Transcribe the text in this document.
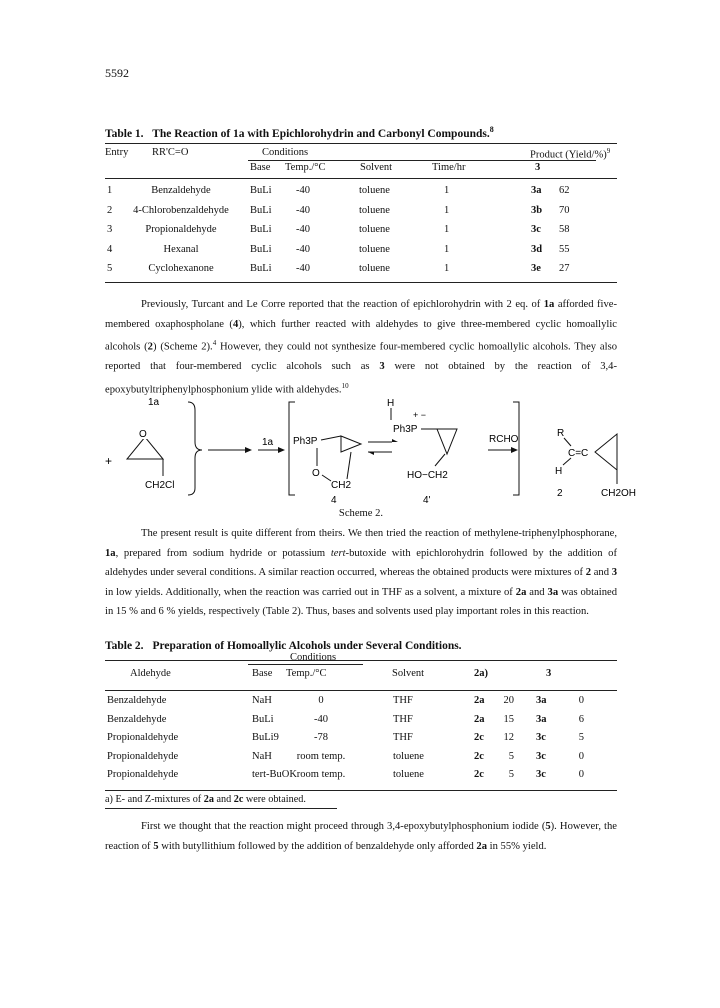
5592
Table 1. The Reaction of 1a with Epichlorohydrin and Carbonyl Compounds.$^8$
Entry RR'C=O	Conditions	Product (Yield/%)$^9$
Base Temp./°C	Solvent	Time/hr	3
1	Benzaldehyde	BuLi -40	toluene	1	3a 62
2	4-Chlorobenzaldehyde	BuLi -40	toluene	1	3b 70
3	Propionaldehyde	BuLi -40	toluene	1	3c 58
4	Hexanal	BuLi -40	toluene	1	3d 55
5	Cyclohexanone	BuLi -40	toluene	1	3e 27

Previously, Turcant and Le Corre reported that the reaction of epichlorohydrin with 2 eq. of 1a afforded five-membered oxaphospholane (4), which further reacted with aldehydes to give three-membered cyclic homoallylic alcohols (2) (Scheme 2).$^4$ However, they could not synthesize four-membered cyclic homoallylic alcohols. They also reported that four-membered cyclic alcohols such as 3 were not obtained by the reaction of 3,4-epoxybutyltriphenylphosphonium ylide with aldehydes.$^{10}$

1a
+
O
CH2Cl
1a Ph3P
O
CH2
4
H
+ −
Ph3P
HO−CH2
4'
RCHO
R
C=C
H
CH2OH
2
Scheme 2.

The present result is quite different from theirs. We then tried the reaction of methylene-triphenylphosphorane, 1a, prepared from sodium hydride or potassium tert-butoxide with epichlorohydrin followed by the addition of aldehydes under several conditions. A similar reaction occurred, whereas the obtained products were mixtures of 2 and 3 in low yields. Additionally, when the reaction was carried out in THF as a solvent, a mixture of 2a and 3a was obtained in 15 % and 6 % yields, respectively (Table 2). Thus, bases and solvents used play important roles in this reaction.

Table 2. Preparation of Homoallylic Alcohols under Several Conditions.
Conditions
Aldehyde	Base Temp./°C	Solvent	2a)	3
Benzaldehyde	NaH	0	THF	2a	20 3a	0
Benzaldehyde	BuLi	-40	THF	2a	15 3a	6
Propionaldehyde	BuLi9	-78	THF	2c	12 3c	5
Propionaldehyde	NaH	room temp.	toluene	2c	5 3c	0
Propionaldehyde	tert-BuOK room temp.	toluene	2c	5 3c	0
a) E- and Z-mixtures of 2a and 2c were obtained.

First we thought that the reaction might proceed through 3,4-epoxybutylphosphonium iodide (5). However, the reaction of 5 with butyllithium followed by the addition of benzaldehyde only afforded 2a in 55% yield.
